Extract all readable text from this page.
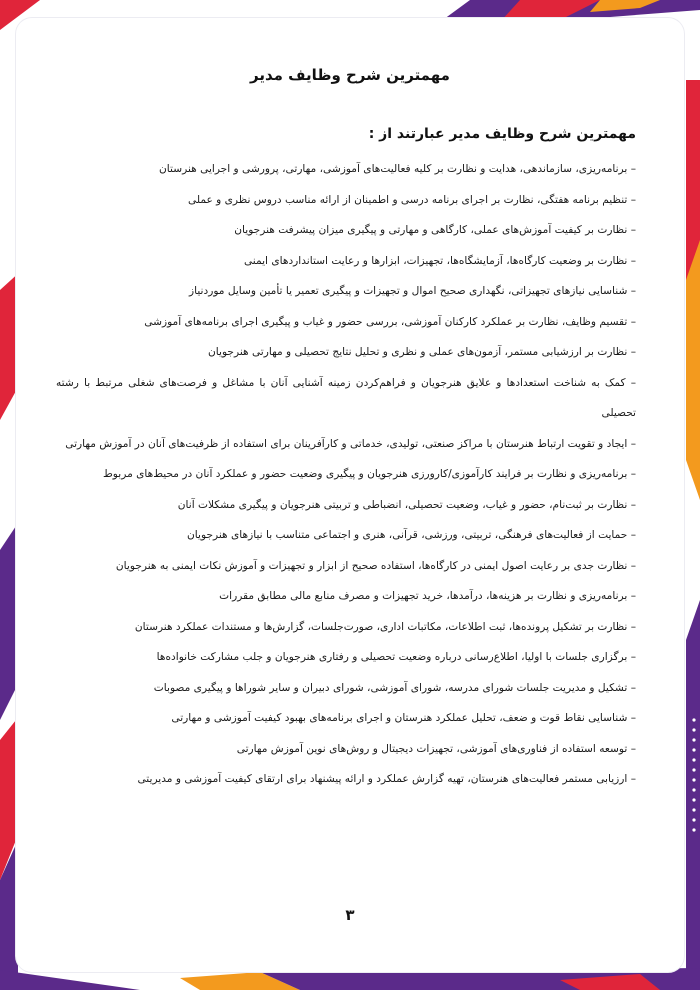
مهمترین شرح وظایف مدیر
مهمترین شرح وظایف مدیر عبارتند از :

– برنامه‌ریزی، سازماندهی، هدایت و نظارت بر کلیه فعالیت‌های آموزشی، مهارتی، پرورشی و اجرایی هنرستان

– تنظیم برنامه هفتگی، نظارت بر اجرای برنامه درسی و اطمینان از ارائه مناسب دروس نظری و عملی

– نظارت بر کیفیت آموزش‌های عملی، کارگاهی و مهارتی و پیگیری میزان پیشرفت هنرجویان

– نظارت بر وضعیت کارگاه‌ها، آزمایشگاه‌ها، تجهیزات، ابزارها و رعایت استانداردهای ایمنی

– شناسایی نیازهای تجهیزاتی، نگهداری صحیح اموال و تجهیزات و پیگیری تعمیر یا تأمین وسایل موردنیاز

– تقسیم وظایف، نظارت بر عملکرد کارکنان آموزشی، بررسی حضور و غیاب و پیگیری اجرای برنامه‌های آموزشی

– نظارت بر ارزشیابی مستمر، آزمون‌های عملی و نظری و تحلیل نتایج تحصیلی و مهارتی هنرجویان

– کمک به شناخت استعدادها و علایق هنرجویان و فراهم‌کردن زمینه آشنایی آنان با مشاغل و فرصت‌های شغلی مرتبط با رشته تحصیلی

– ایجاد و تقویت ارتباط هنرستان با مراکز صنعتی، تولیدی، خدماتی و کارآفرینان برای استفاده از ظرفیت‌های آنان در آموزش مهارتی

– برنامه‌ریزی و نظارت بر فرایند کارآموزی/کارورزی هنرجویان و پیگیری وضعیت حضور و عملکرد آنان در محیط‌های مربوط

– نظارت بر ثبت‌نام، حضور و غیاب، وضعیت تحصیلی، انضباطی و تربیتی هنرجویان و پیگیری مشکلات آنان

– حمایت از فعالیت‌های فرهنگی، تربیتی، ورزشی، قرآنی، هنری و اجتماعی متناسب با نیازهای هنرجویان

– نظارت جدی بر رعایت اصول ایمنی در کارگاه‌ها، استفاده صحیح از ابزار و تجهیزات و آموزش نکات ایمنی به هنرجویان

– برنامه‌ریزی و نظارت بر هزینه‌ها، درآمدها، خرید تجهیزات و مصرف منابع مالی مطابق مقررات

– نظارت بر تشکیل پرونده‌ها، ثبت اطلاعات، مکاتبات اداری، صورت‌جلسات، گزارش‌ها و مستندات عملکرد هنرستان

– برگزاری جلسات با اولیا، اطلاع‌رسانی درباره وضعیت تحصیلی و رفتاری هنرجویان و جلب مشارکت خانواده‌ها

– تشکیل و مدیریت جلسات شورای مدرسه، شورای آموزشی، شورای دبیران و سایر شوراها و پیگیری مصوبات

– شناسایی نقاط قوت و ضعف، تحلیل عملکرد هنرستان و اجرای برنامه‌های بهبود کیفیت آموزشی و مهارتی

– توسعه استفاده از فناوری‌های آموزشی، تجهیزات دیجیتال و روش‌های نوین آموزش مهارتی

– ارزیابی مستمر فعالیت‌های هنرستان، تهیه گزارش عملکرد و ارائه پیشنهاد برای ارتقای کیفیت آموزشی و مدیریتی

۳
